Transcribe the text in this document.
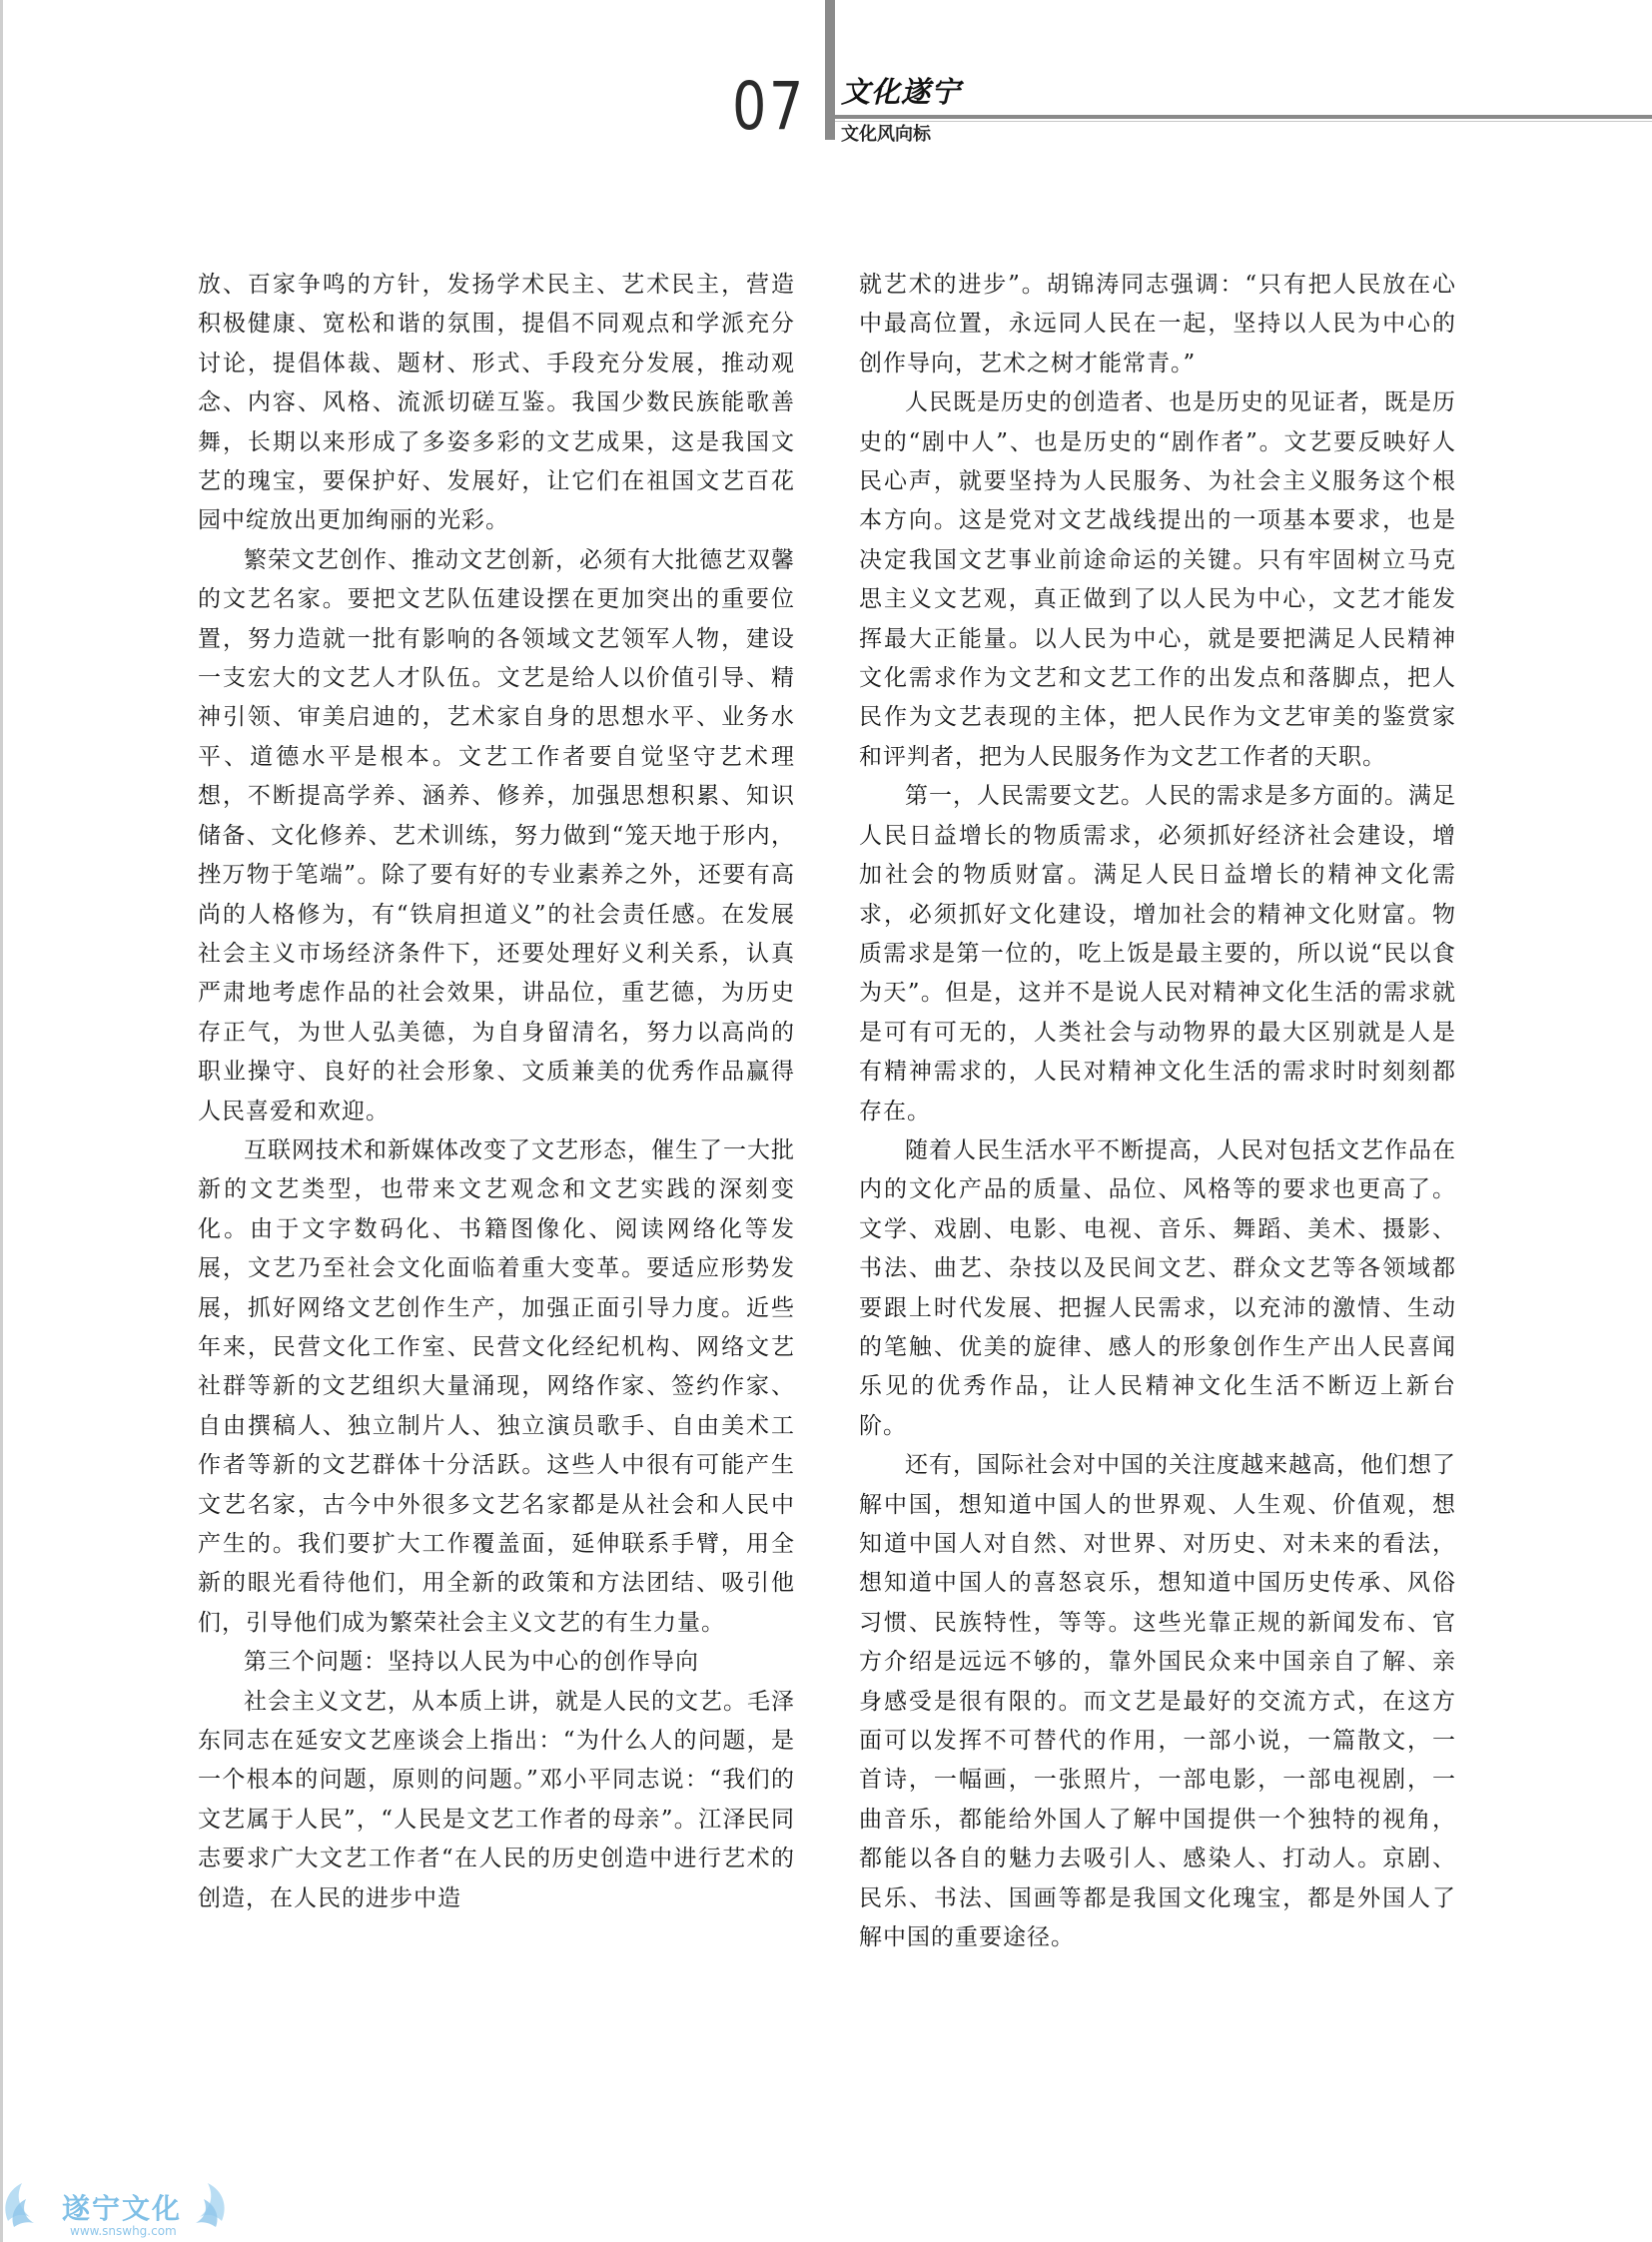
07 文化遂宁
文化风向标

放、百家争鸣的方针，发扬学术民主、艺术民主，营造积极健康、宽松和谐的氛围，提倡不同观点和学派充分讨论，提倡体裁、题材、形式、手段充分发展，推动观念、内容、风格、流派切磋互鉴。我国少数民族能歌善舞，长期以来形成了多姿多彩的文艺成果，这是我国文艺的瑰宝，要保护好、发展好，让它们在祖国文艺百花园中绽放出更加绚丽的光彩。

繁荣文艺创作、推动文艺创新，必须有大批德艺双馨的文艺名家。要把文艺队伍建设摆在更加突出的重要位置，努力造就一批有影响的各领域文艺领军人物，建设一支宏大的文艺人才队伍。文艺是给人以价值引导、精神引领、审美启迪的，艺术家自身的思想水平、业务水平、道德水平是根本。文艺工作者要自觉坚守艺术理想，不断提高学养、涵养、修养，加强思想积累、知识储备、文化修养、艺术训练，努力做到“笼天地于形内，挫万物于笔端”。除了要有好的专业素养之外，还要有高尚的人格修为，有“铁肩担道义”的社会责任感。在发展社会主义市场经济条件下，还要处理好义利关系，认真严肃地考虑作品的社会效果，讲品位，重艺德，为历史存正气，为世人弘美德，为自身留清名，努力以高尚的职业操守、良好的社会形象、文质兼美的优秀作品赢得人民喜爱和欢迎。

互联网技术和新媒体改变了文艺形态，催生了一大批新的文艺类型，也带来文艺观念和文艺实践的深刻变化。由于文字数码化、书籍图像化、阅读网络化等发展，文艺乃至社会文化面临着重大变革。要适应形势发展，抓好网络文艺创作生产，加强正面引导力度。近些年来，民营文化工作室、民营文化经纪机构、网络文艺社群等新的文艺组织大量涌现，网络作家、签约作家、自由撰稿人、独立制片人、独立演员歌手、自由美术工作者等新的文艺群体十分活跃。这些人中很有可能产生文艺名家，古今中外很多文艺名家都是从社会和人民中产生的。我们要扩大工作覆盖面，延伸联系手臂，用全新的眼光看待他们，用全新的政策和方法团结、吸引他们，引导他们成为繁荣社会主义文艺的有生力量。

第三个问题：坚持以人民为中心的创作导向

社会主义文艺，从本质上讲，就是人民的文艺。毛泽东同志在延安文艺座谈会上指出：“为什么人的问题，是一个根本的问题，原则的问题。”邓小平同志说：“我们的文艺属于人民”，“人民是文艺工作者的母亲”。江泽民同志要求广大文艺工作者“在人民的历史创造中进行艺术的创造，在人民的进步中造

就艺术的进步”。胡锦涛同志强调：“只有把人民放在心中最高位置，永远同人民在一起，坚持以人民为中心的创作导向，艺术之树才能常青。”

人民既是历史的创造者、也是历史的见证者，既是历史的“剧中人”、也是历史的“剧作者”。文艺要反映好人民心声，就要坚持为人民服务、为社会主义服务这个根本方向。这是党对文艺战线提出的一项基本要求，也是决定我国文艺事业前途命运的关键。只有牢固树立马克思主义文艺观，真正做到了以人民为中心，文艺才能发挥最大正能量。以人民为中心，就是要把满足人民精神文化需求作为文艺和文艺工作的出发点和落脚点，把人民作为文艺表现的主体，把人民作为文艺审美的鉴赏家和评判者，把为人民服务作为文艺工作者的天职。

第一，人民需要文艺。人民的需求是多方面的。满足人民日益增长的物质需求，必须抓好经济社会建设，增加社会的物质财富。满足人民日益增长的精神文化需求，必须抓好文化建设，增加社会的精神文化财富。物质需求是第一位的，吃上饭是最主要的，所以说“民以食为天”。但是，这并不是说人民对精神文化生活的需求就是可有可无的，人类社会与动物界的最大区别就是人是有精神需求的，人民对精神文化生活的需求时时刻刻都存在。

随着人民生活水平不断提高，人民对包括文艺作品在内的文化产品的质量、品位、风格等的要求也更高了。文学、戏剧、电影、电视、音乐、舞蹈、美术、摄影、书法、曲艺、杂技以及民间文艺、群众文艺等各领域都要跟上时代发展、把握人民需求，以充沛的激情、生动的笔触、优美的旋律、感人的形象创作生产出人民喜闻乐见的优秀作品，让人民精神文化生活不断迈上新台阶。

还有，国际社会对中国的关注度越来越高，他们想了解中国，想知道中国人的世界观、人生观、价值观，想知道中国人对自然、对世界、对历史、对未来的看法，想知道中国人的喜怒哀乐，想知道中国历史传承、风俗习惯、民族特性，等等。这些光靠正规的新闻发布、官方介绍是远远不够的，靠外国民众来中国亲自了解、亲身感受是很有限的。而文艺是最好的交流方式，在这方面可以发挥不可替代的作用，一部小说，一篇散文，一首诗，一幅画，一张照片，一部电影，一部电视剧，一曲音乐，都能给外国人了解中国提供一个独特的视角，都能以各自的魅力去吸引人、感染人、打动人。京剧、民乐、书法、国画等都是我国文化瑰宝，都是外国人了解中国的重要途径。

遂宁文化
www.snswhg.com
